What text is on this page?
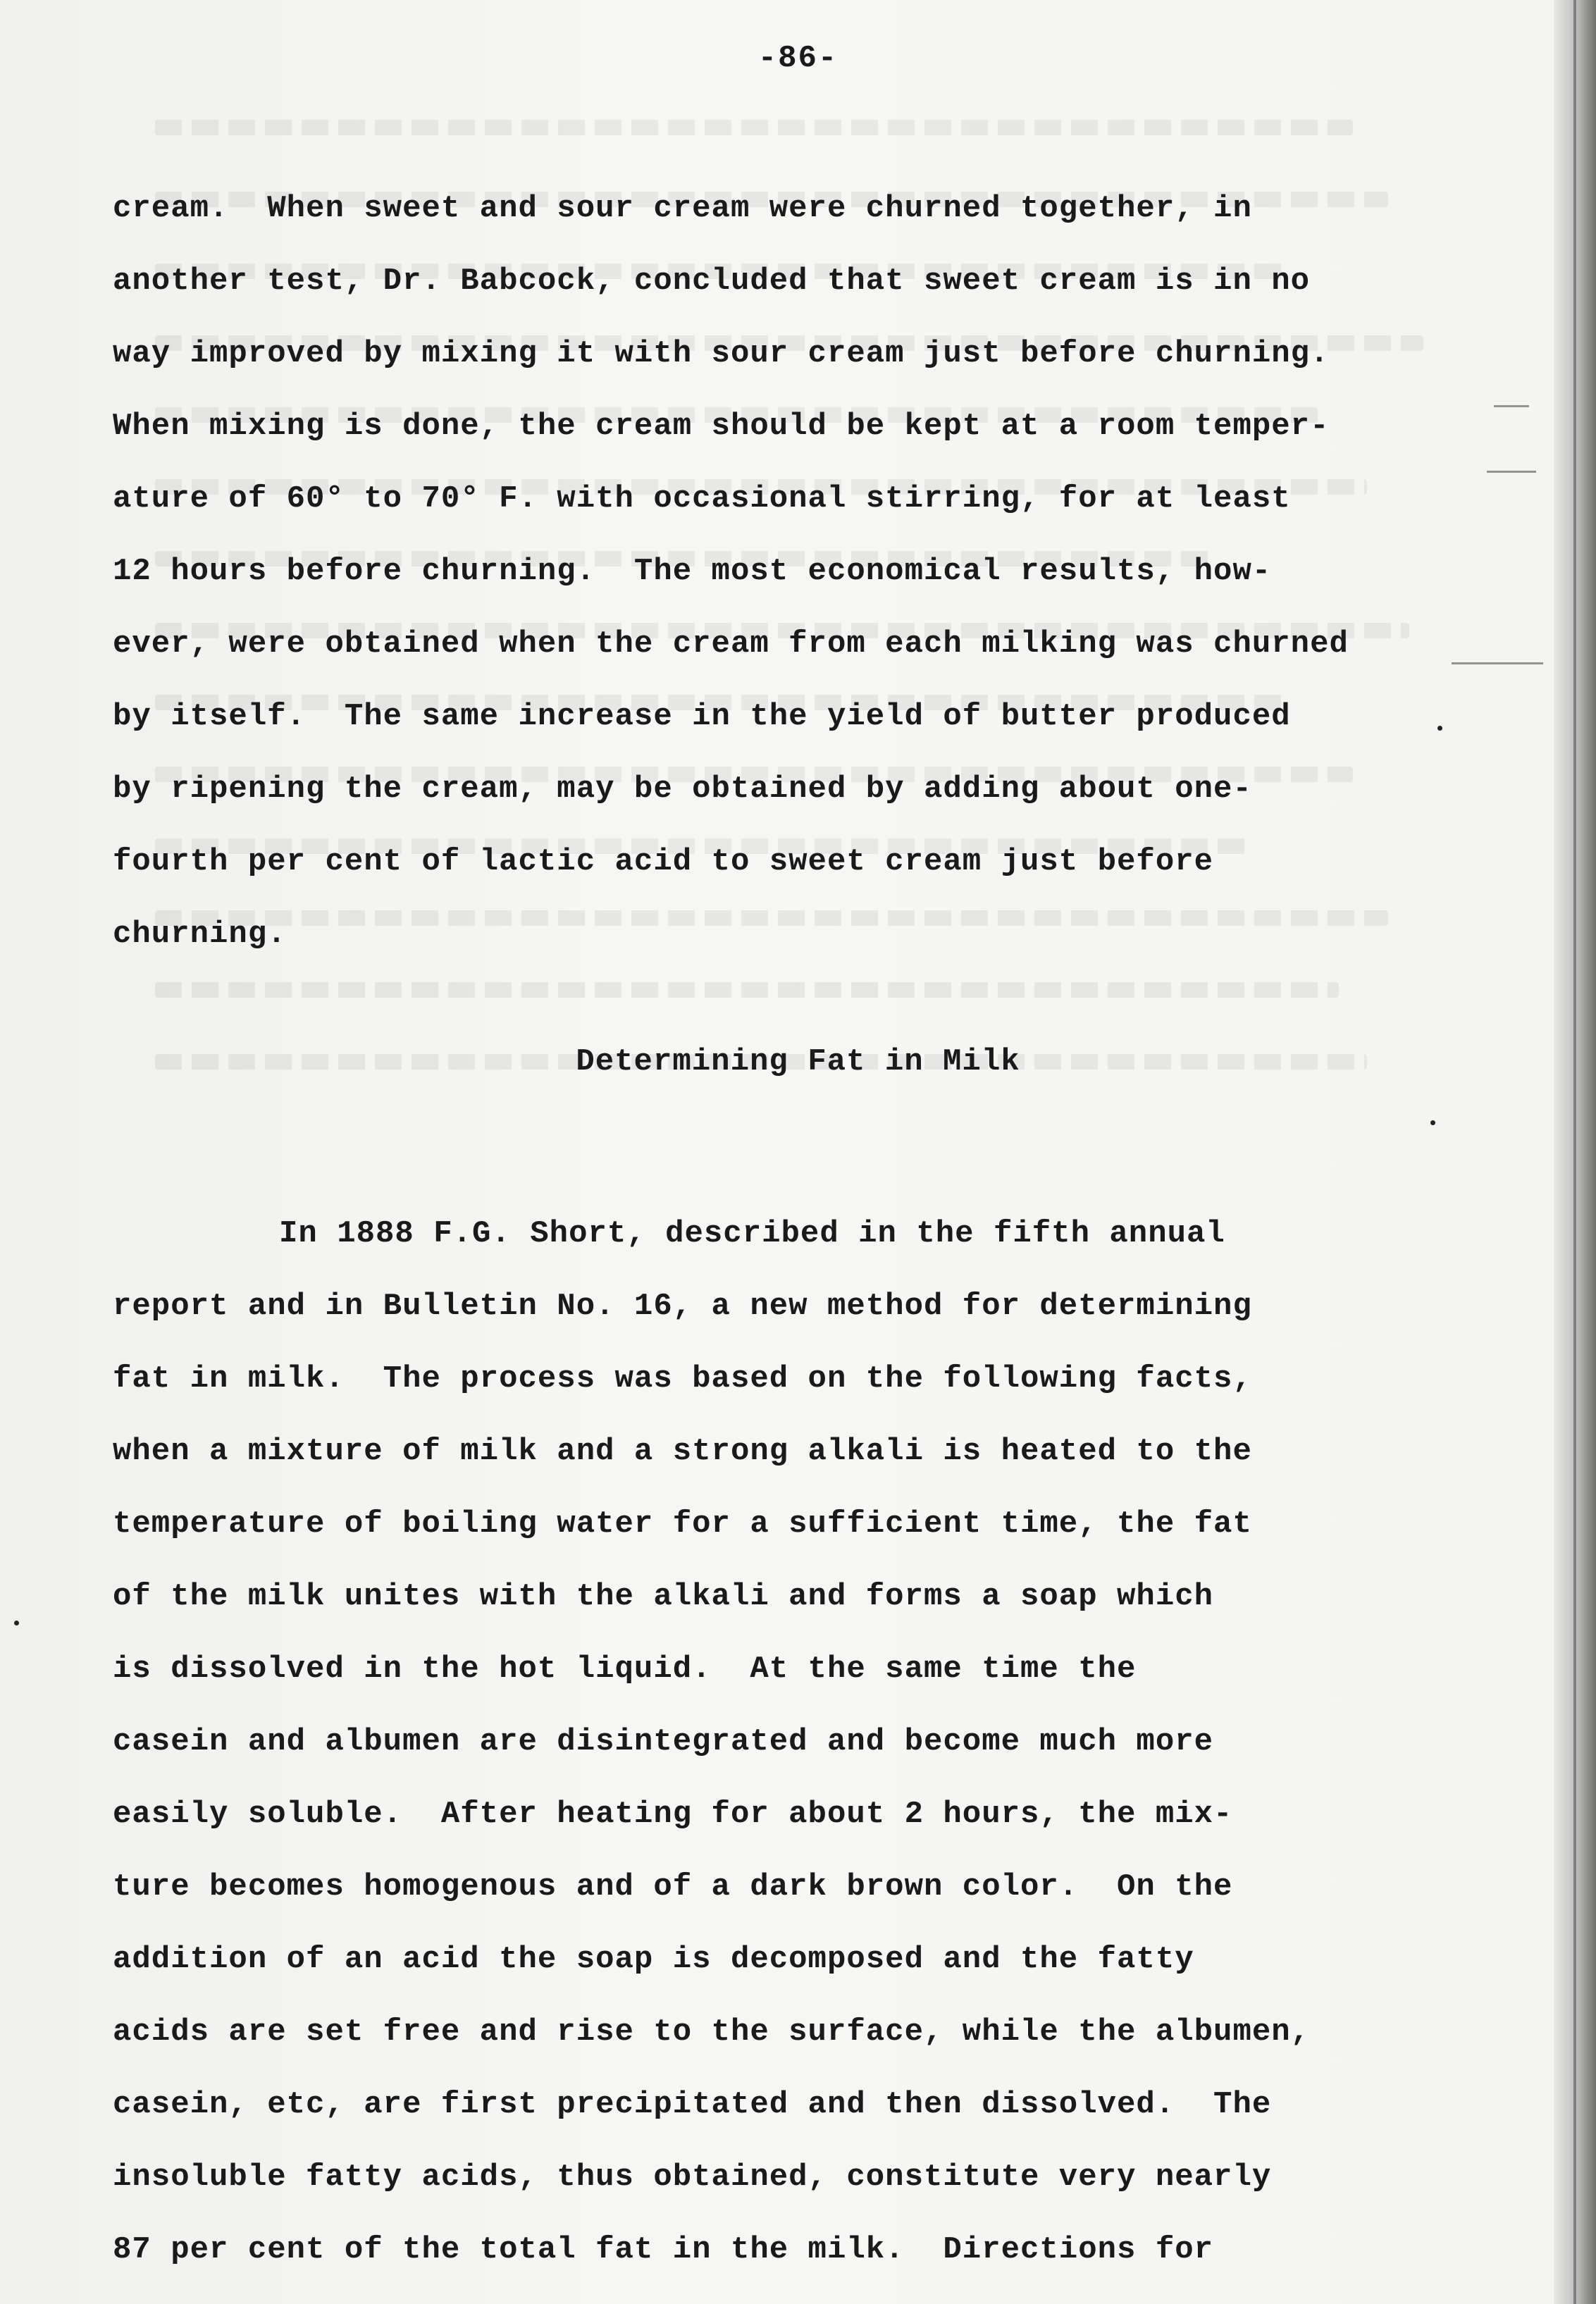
-86-
cream.  When sweet and sour cream were churned together, in
another test, Dr. Babcock, concluded that sweet cream is in no
way improved by mixing it with sour cream just before churning.
When mixing is done, the cream should be kept at a room temper-
ature of 60° to 70° F. with occasional stirring, for at least
12 hours before churning.  The most economical results, how-
ever, were obtained when the cream from each milking was churned
by itself.  The same increase in the yield of butter produced
by ripening the cream, may be obtained by adding about one-
fourth per cent of lactic acid to sweet cream just before
churning.
Determining Fat in Milk
In 1888 F.G. Short, described in the fifth annual
report and in Bulletin No. 16, a new method for determining
fat in milk.  The process was based on the following facts,
when a mixture of milk and a strong alkali is heated to the
temperature of boiling water for a sufficient time, the fat
of the milk unites with the alkali and forms a soap which
is dissolved in the hot liquid.  At the same time the
casein and albumen are disintegrated and become much more
easily soluble.  After heating for about 2 hours, the mix-
ture becomes homogenous and of a dark brown color.  On the
addition of an acid the soap is decomposed and the fatty
acids are set free and rise to the surface, while the albumen,
casein, etc, are first precipitated and then dissolved.  The
insoluble fatty acids, thus obtained, constitute very nearly
87 per cent of the total fat in the milk.  Directions for
